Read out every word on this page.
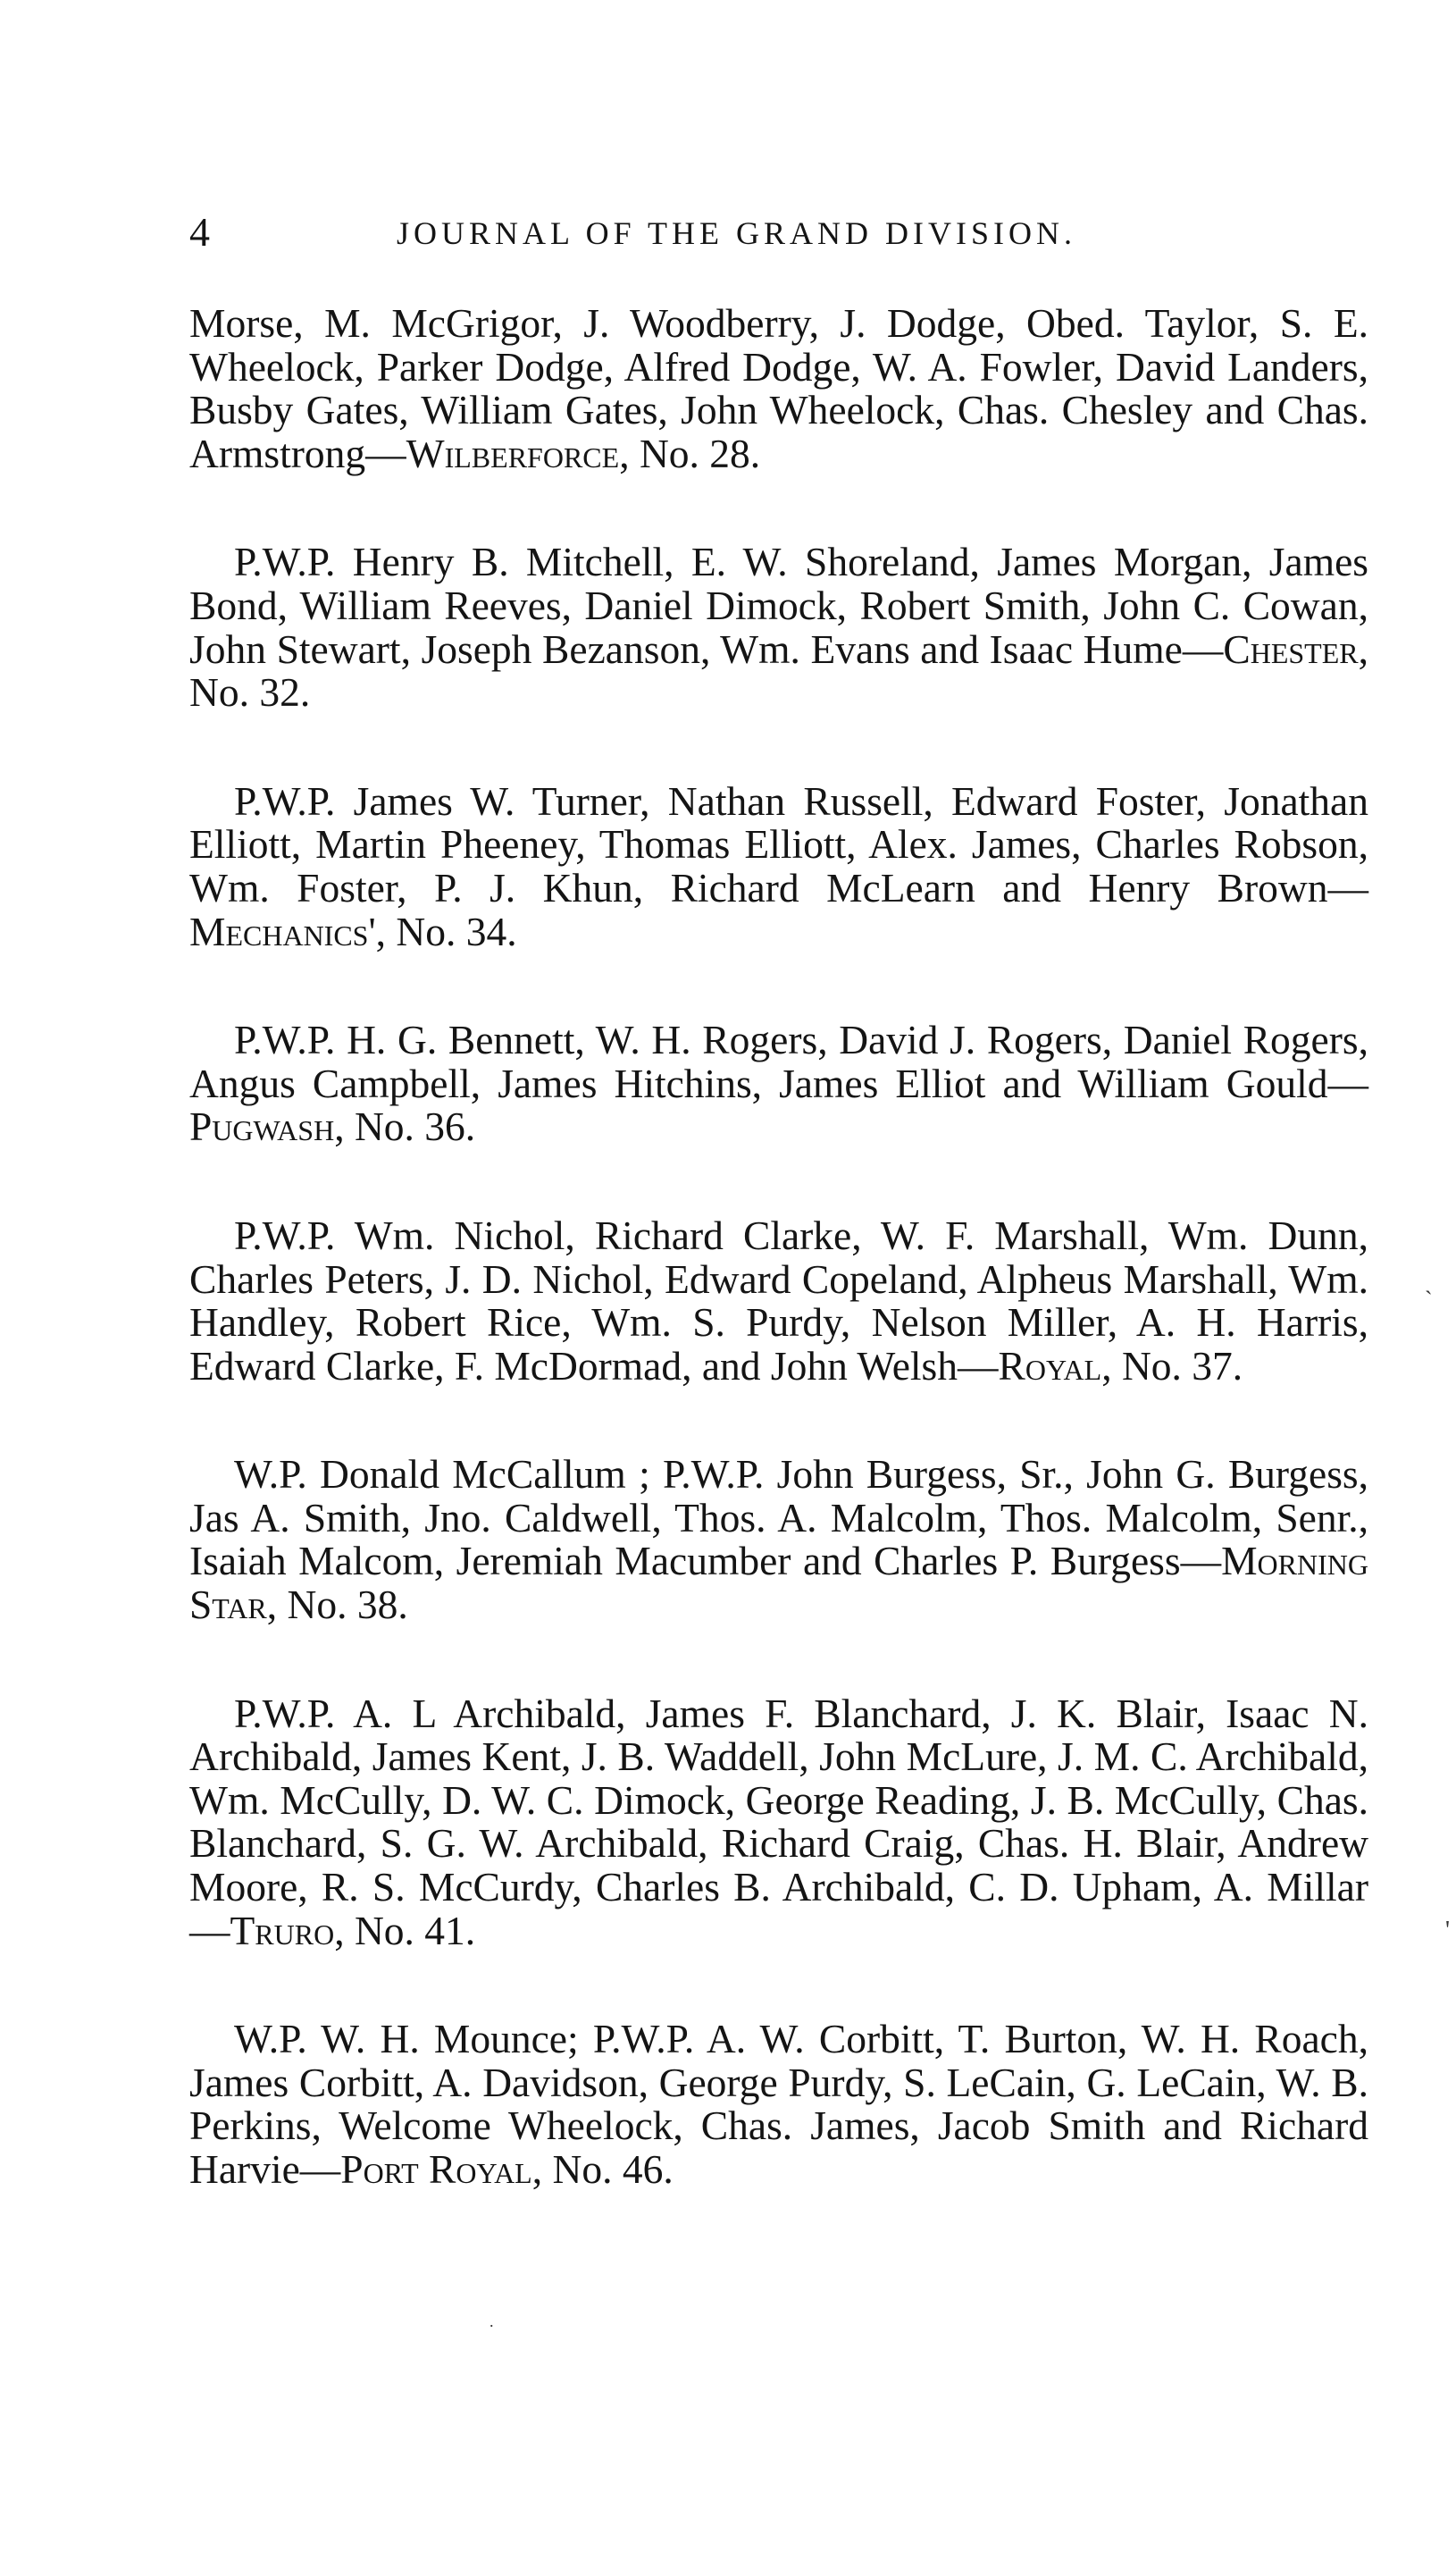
4	JOURNAL OF THE GRAND DIVISION.

Morse, M. McGrigor, J. Woodberry, J. Dodge, Obed. Taylor, S. E. Wheelock, Parker Dodge, Alfred Dodge, W. A. Fowler, David Landers, Busby Gates, William Gates, John Wheelock, Chas. Chesley and Chas. Armstrong—Wilberforce, No. 28.

P.W.P. Henry B. Mitchell, E. W. Shoreland, James Morgan, James Bond, William Reeves, Daniel Dimock, Robert Smith, John C. Cowan, John Stewart, Joseph Bezanson, Wm. Evans and Isaac Hume—Chester, No. 32.

P.W.P. James W. Turner, Nathan Russell, Edward Foster, Jonathan Elliott, Martin Pheeney, Thomas Elliott, Alex. James, Charles Robson, Wm. Foster, P. J. Khun, Richard McLearn and Henry Brown—Mechanics', No. 34.

P.W.P. H. G. Bennett, W. H. Rogers, David J. Rogers, Daniel Rogers, Angus Campbell, James Hitchins, James Elliot and William Gould—Pugwash, No. 36.

P.W.P. Wm. Nichol, Richard Clarke, W. F. Marshall, Wm. Dunn, Charles Peters, J. D. Nichol, Edward Copeland, Alpheus Marshall, Wm. Handley, Robert Rice, Wm. S. Purdy, Nelson Miller, A. H. Harris, Edward Clarke, F. McDormad, and John Welsh—Royal, No. 37.

W.P. Donald McCallum ; P.W.P. John Burgess, Sr., John G. Burgess, Jas A. Smith, Jno. Caldwell, Thos. A. Malcolm, Thos. Malcolm, Senr., Isaiah Malcom, Jeremiah Macumber and Charles P. Burgess—Morning Star, No. 38.

P.W.P. A. L Archibald, James F. Blanchard, J. K. Blair, Isaac N. Archibald, James Kent, J. B. Waddell, John McLure, J. M. C. Archibald, Wm. McCully, D. W. C. Dimock, George Reading, J. B. McCully, Chas. Blanchard, S. G. W. Archibald, Richard Craig, Chas. H. Blair, Andrew Moore, R. S. McCurdy, Charles B. Archibald, C. D. Upham, A. Millar—Truro, No. 41.

W.P. W. H. Mounce; P.W.P. A. W. Corbitt, T. Burton, W. H. Roach, James Corbitt, A. Davidson, George Purdy, S. LeCain, G. LeCain, W. B. Perkins, Welcome Wheelock, Chas. James, Jacob Smith and Richard Harvie—Port Royal, No. 46.

`
'
.
